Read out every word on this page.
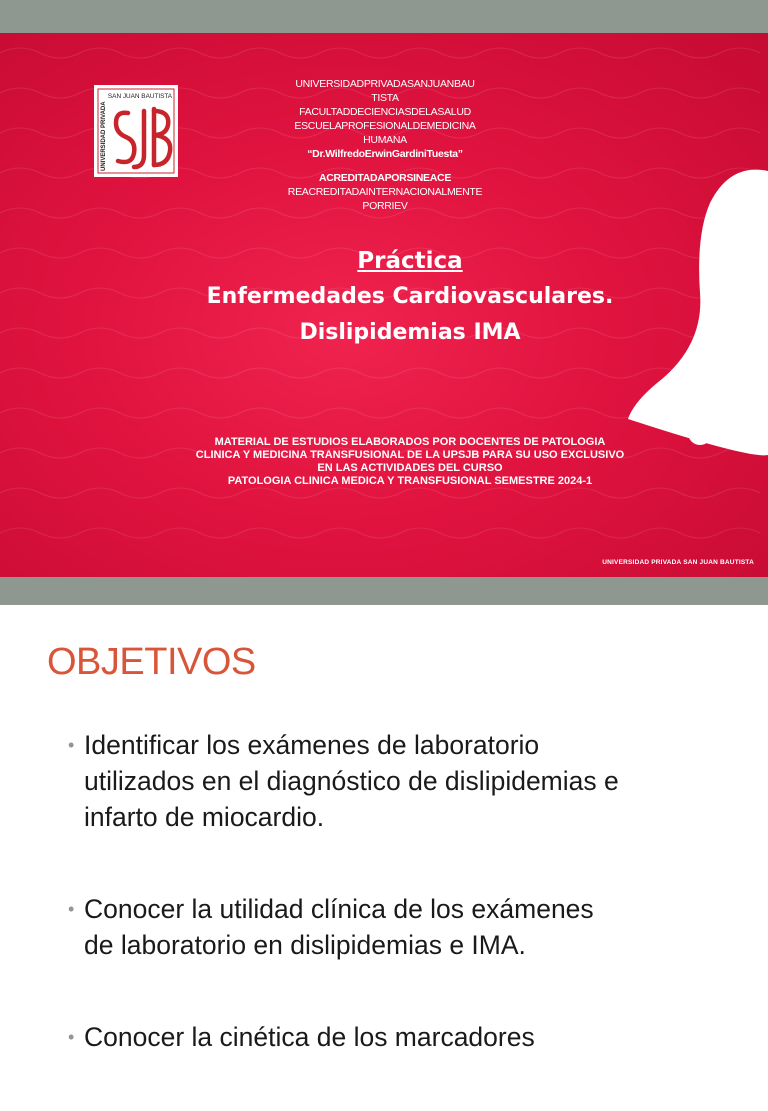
SAN JUAN BAUTISTA
UNIVERSIDAD PRIVADA
UNIVERSIDADPRIVADASANJUANBAU
TISTA
FACULTADDECIENCIASDELASALUD
ESCUELAPROFESIONALDEMEDICINA
HUMANA
“Dr.WilfredoErwinGardiniTuesta”
ACREDITADAPORSINEACE
REACREDITADAINTERNACIONALMENTE
PORRIEV
Práctica
Enfermedades Cardiovasculares.
Dislipidemias IMA
MATERIAL DE ESTUDIOS ELABORADOS POR DOCENTES DE PATOLOGIA
CLINICA Y MEDICINA TRANSFUSIONAL DE LA UPSJB PARA SU USO EXCLUSIVO
EN LAS ACTIVIDADES DEL CURSO
PATOLOGIA CLINICA MEDICA Y TRANSFUSIONAL SEMESTRE 2024-1
UNIVERSIDAD PRIVADA SAN JUAN BAUTISTA
OBJETIVOS
• Identificar los exámenes de laboratorio
utilizados en el diagnóstico de dislipidemias e
infarto de miocardio.
• Conocer la utilidad clínica de los exámenes
de laboratorio en dislipidemias e IMA.
• Conocer la cinética de los marcadores
